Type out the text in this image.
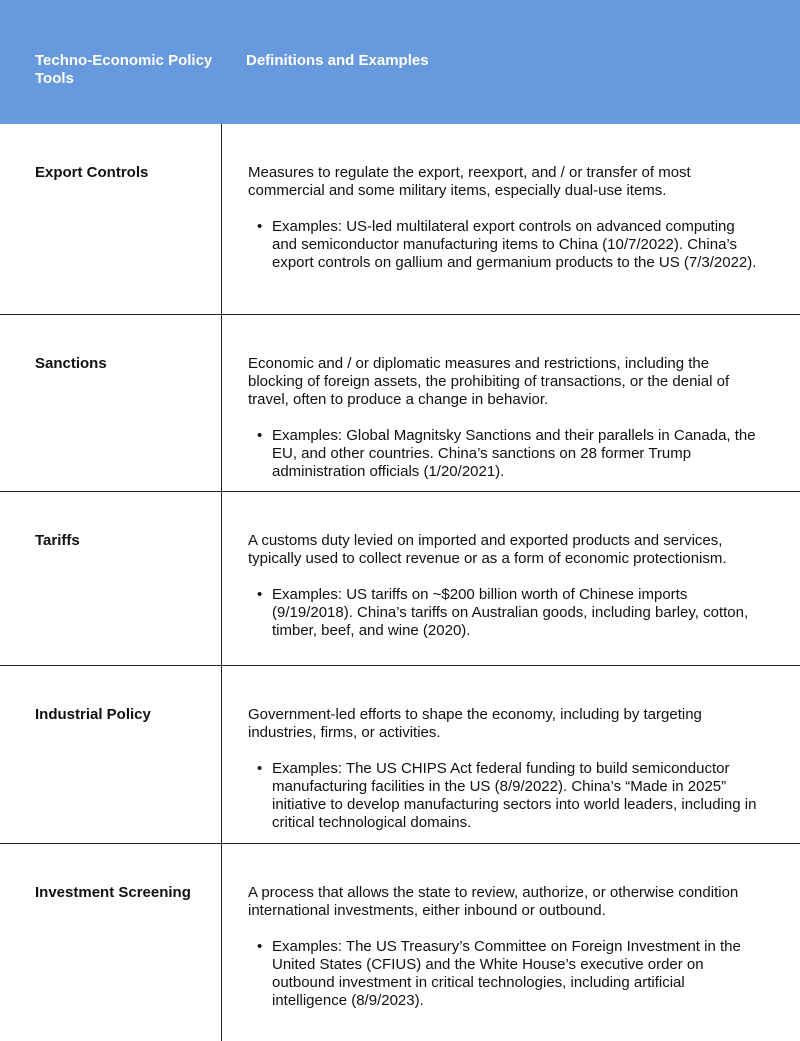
Techno-Economic Policy Tools
Definitions and Examples
Export Controls	Measures to regulate the export, reexport, and / or transfer of most commercial and some military items, especially dual-use items.

• Examples: US-led multilateral export controls on advanced computing and semiconductor manufacturing items to China (10/7/2022). China’s export controls on gallium and germanium products to the US (7/3/2022).
Sanctions	Economic and / or diplomatic measures and restrictions, including the blocking of foreign assets, the prohibiting of transactions, or the denial of travel, often to produce a change in behavior.

• Examples: Global Magnitsky Sanctions and their parallels in Canada, the EU, and other countries. China’s sanctions on 28 former Trump administration officials (1/20/2021).
Tariffs	A customs duty levied on imported and exported products and services, typically used to collect revenue or as a form of economic protectionism.

• Examples: US tariffs on ~$200 billion worth of Chinese imports (9/19/2018). China’s tariffs on Australian goods, including barley, cotton, timber, beef, and wine (2020).
Industrial Policy	Government-led efforts to shape the economy, including by targeting industries, firms, or activities.

• Examples: The US CHIPS Act federal funding to build semiconductor manufacturing facilities in the US (8/9/2022). China’s “Made in 2025” initiative to develop manufacturing sectors into world leaders, including in critical technological domains.
Investment Screening	A process that allows the state to review, authorize, or otherwise condition international investments, either inbound or outbound.

• Examples: The US Treasury’s Committee on Foreign Investment in the United States (CFIUS) and the White House’s executive order on outbound investment in critical technologies, including artificial intelligence (8/9/2023).
